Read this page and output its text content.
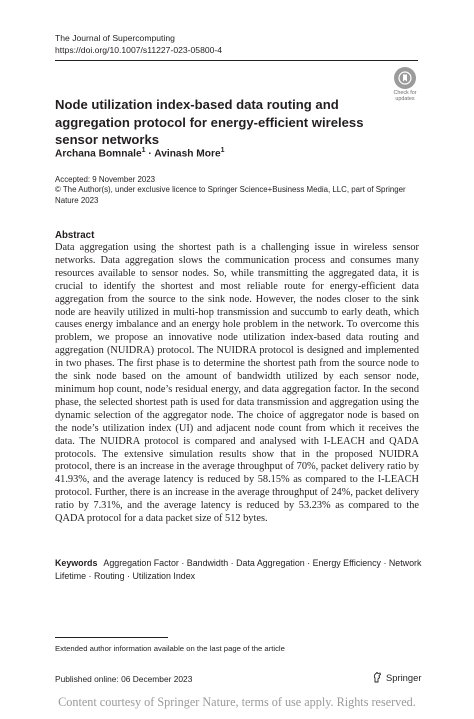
The Journal of Supercomputing
https://doi.org/10.1007/s11227-023-05800-4
Check for
updates
Node utilization index-based data routing and aggregation protocol for energy-efficient wireless sensor networks
Archana Bomnale$^1$ · Avinash More$^1$
Accepted: 9 November 2023
© The Author(s), under exclusive licence to Springer Science+Business Media, LLC, part of Springer Nature 2023
Abstract
Data aggregation using the shortest path is a challenging issue in wireless sensor networks. Data aggregation slows the communication process and consumes many resources available to sensor nodes. So, while transmitting the aggregated data, it is crucial to identify the shortest and most reliable route for energy-efficient data aggregation from the source to the sink node. However, the nodes closer to the sink node are heavily utilized in multi-hop transmission and succumb to early death, which causes energy imbalance and an energy hole problem in the network. To overcome this problem, we propose an innovative node utilization index-based data routing and aggregation (NUIDRA) protocol. The NUIDRA protocol is designed and implemented in two phases. The first phase is to determine the shortest path from the source node to the sink node based on the amount of bandwidth utilized by each sensor node, minimum hop count, node’s residual energy, and data aggregation factor. In the second phase, the selected shortest path is used for data transmission and aggregation using the dynamic selection of the aggregator node. The choice of aggregator node is based on the node’s utilization index (UI) and adjacent node count from which it receives the data. The NUIDRA protocol is compared and analysed with I-LEACH and QADA protocols. The extensive simulation results show that in the proposed NUIDRA protocol, there is an increase in the average throughput of 70%, packet delivery ratio by 41.93%, and the average latency is reduced by 58.15% as compared to the I-LEACH protocol. Further, there is an increase in the average throughput of 24%, packet delivery ratio by 7.31%, and the average latency is reduced by 53.23% as compared to the QADA protocol for a data packet size of 512 bytes.
Keywords Aggregation Factor · Bandwidth · Data Aggregation · Energy Efficiency · Network Lifetime · Routing · Utilization Index
Extended author information available on the last page of the article
Published online: 06 December 2023	Springer
Content courtesy of Springer Nature, terms of use apply. Rights reserved.
